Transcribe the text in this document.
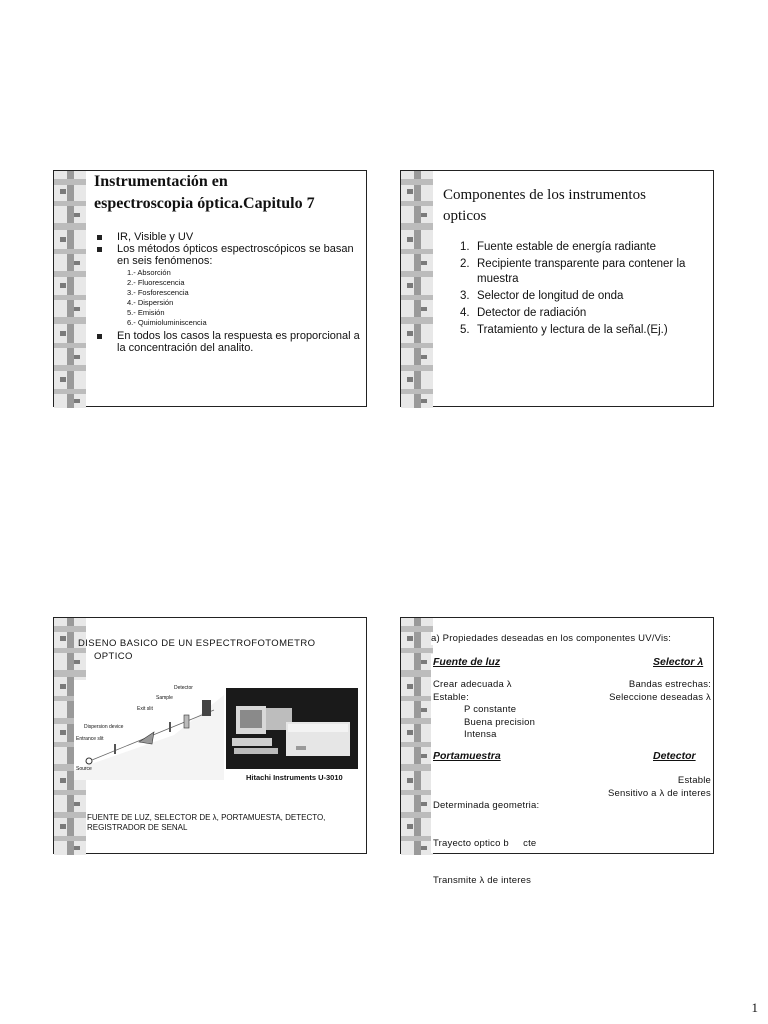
Instrumentación en
espectroscopia óptica.Capitulo 7
IR, Visible y UV
Los métodos ópticos espectroscópicos se basan en seis fenómenos:
1.- Absorción
2.- Fluorescencia
3.- Fosforescencia
4.- Dispersión
5.- Emisión
6.- Quimioluminiscencia
En todos los casos la respuesta es proporcional a la concentración del analito.
Componentes de los instrumentos
opticos
1. Fuente estable de energía radiante
2. Recipiente transparente para contener la muestra
3. Selector de longitud de onda
4. Detector de radiación
5. Tratamiento y lectura de la señal.(Ej.)
DISENO BASICO DE UN ESPECTROFOTOMETRO
OPTICO
Detector
Sample
Exit slit
Dispersion device
Entrance slit
Source
Hitachi Instruments U-3010
FUENTE DE LUZ, SELECTOR DE λ, PORTAMUESTA, DETECTO,
REGISTRADOR DE SENAL
a) Propiedades deseadas en los componentes UV/Vis:
Fuente de luz	Selector λ
Crear adecuada λ
Estable:
P constante
Buena precision
Intensa
Bandas estrechas:
Seleccione deseadas λ
Portamuestra	Detector

Determinada geometria:

Trayecto optico b     cte

Transmite λ de interes

Estable
Sensitivo a λ de interes
1
